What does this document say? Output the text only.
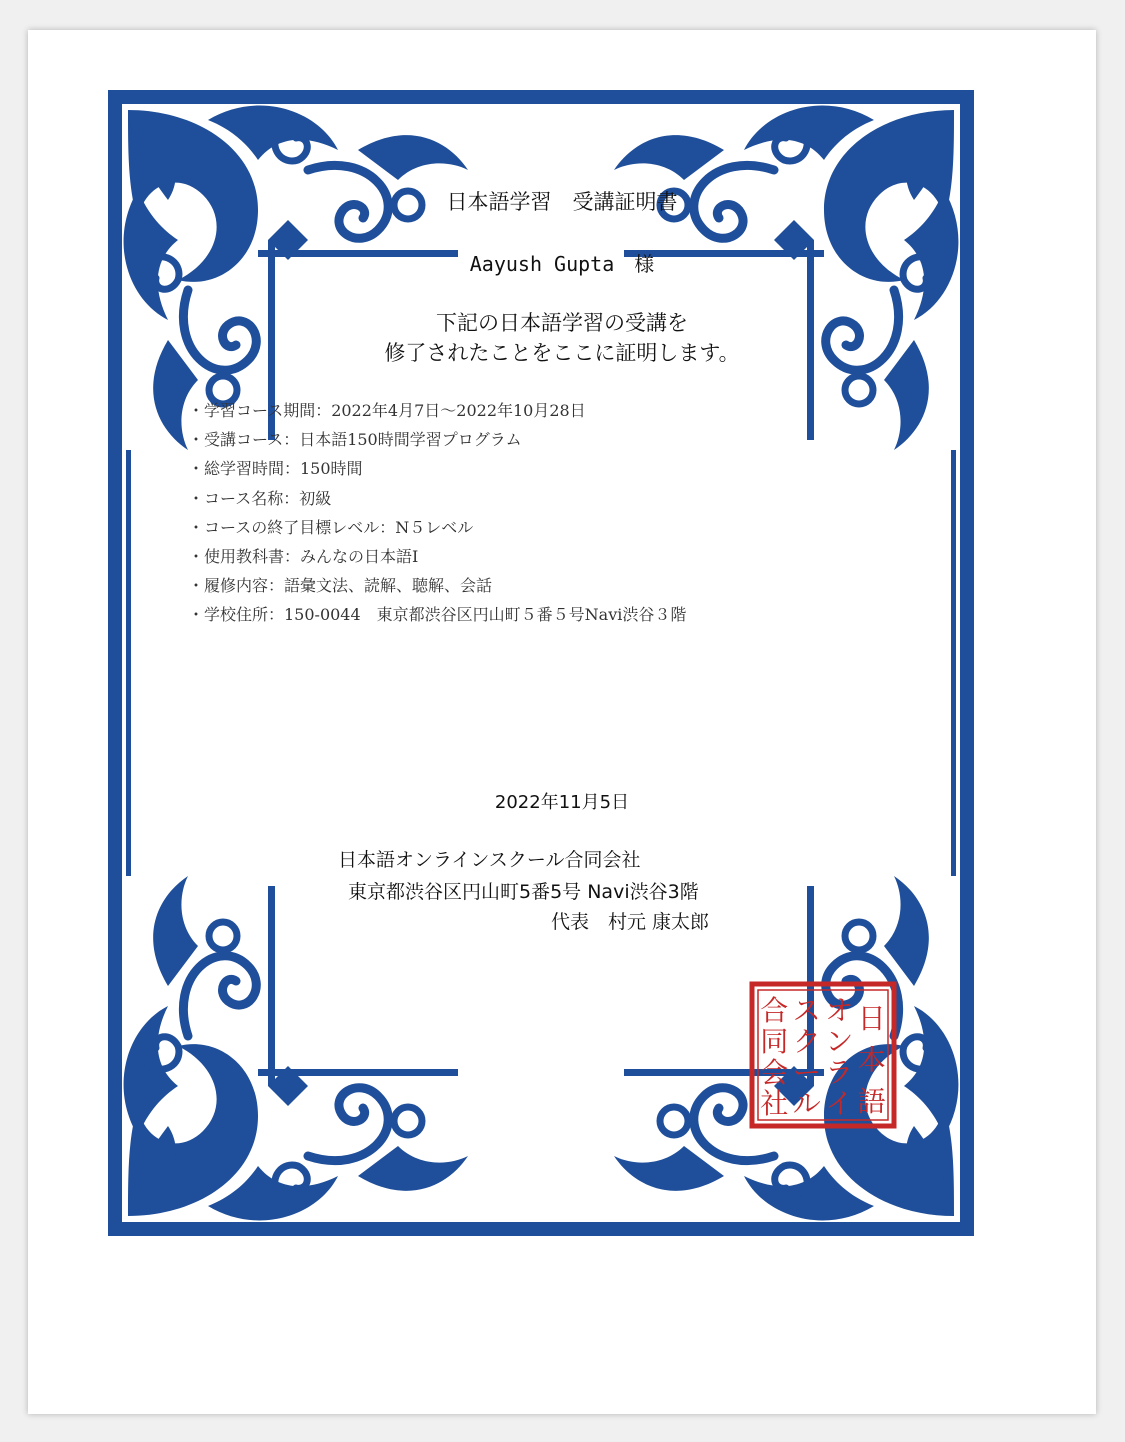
日本語学習　受講証明書
Aayush Gupta　様
下記の日本語学習の受講を
修了されたことをここに証明します。
・学習コース期間：2022年4月7日～2022年10月28日
・受講コース：日本語150時間学習プログラム
・総学習時間：150時間
・コース名称：初級
・コースの終了目標レベル：N５レベル
・使用教科書：みんなの日本語I
・履修内容：語彙文法、読解、聴解、会話
・学校住所：150-0044　東京都渋谷区円山町５番５号Navi渋谷３階
2022年11月5日
日本語オンラインスクール合同会社
東京都渋谷区円山町5番5号 Navi渋谷3階
代表　村元 康太郎
日
本
語
オ
ン
ラ
イ
ス
ク
ー
ル
合
同
会
社
